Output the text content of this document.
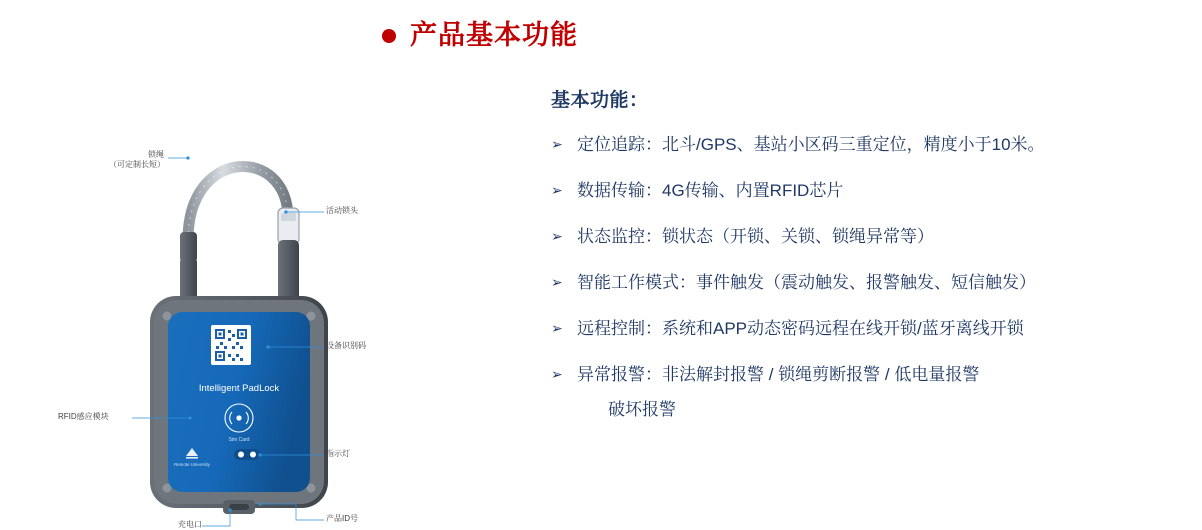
产品基本功能
Intelligent PadLock
Sim Card
Remote University
锁绳
（可定制长短）
活动锁头
设备识别码
RFID感应模块
指示灯
充电口
产品ID号
基本功能：
➢ 定位追踪：北斗/GPS、基站小区码三重定位，精度小于10米。
➢ 数据传输：4G传输、内置RFID芯片
➢ 状态监控：锁状态（开锁、关锁、锁绳异常等）
➢ 智能工作模式：事件触发（震动触发、报警触发、短信触发）
➢ 远程控制：系统和APP动态密码远程在线开锁/蓝牙离线开锁
➢ 异常报警：非法解封报警 / 锁绳剪断报警 / 低电量报警
破坏报警
